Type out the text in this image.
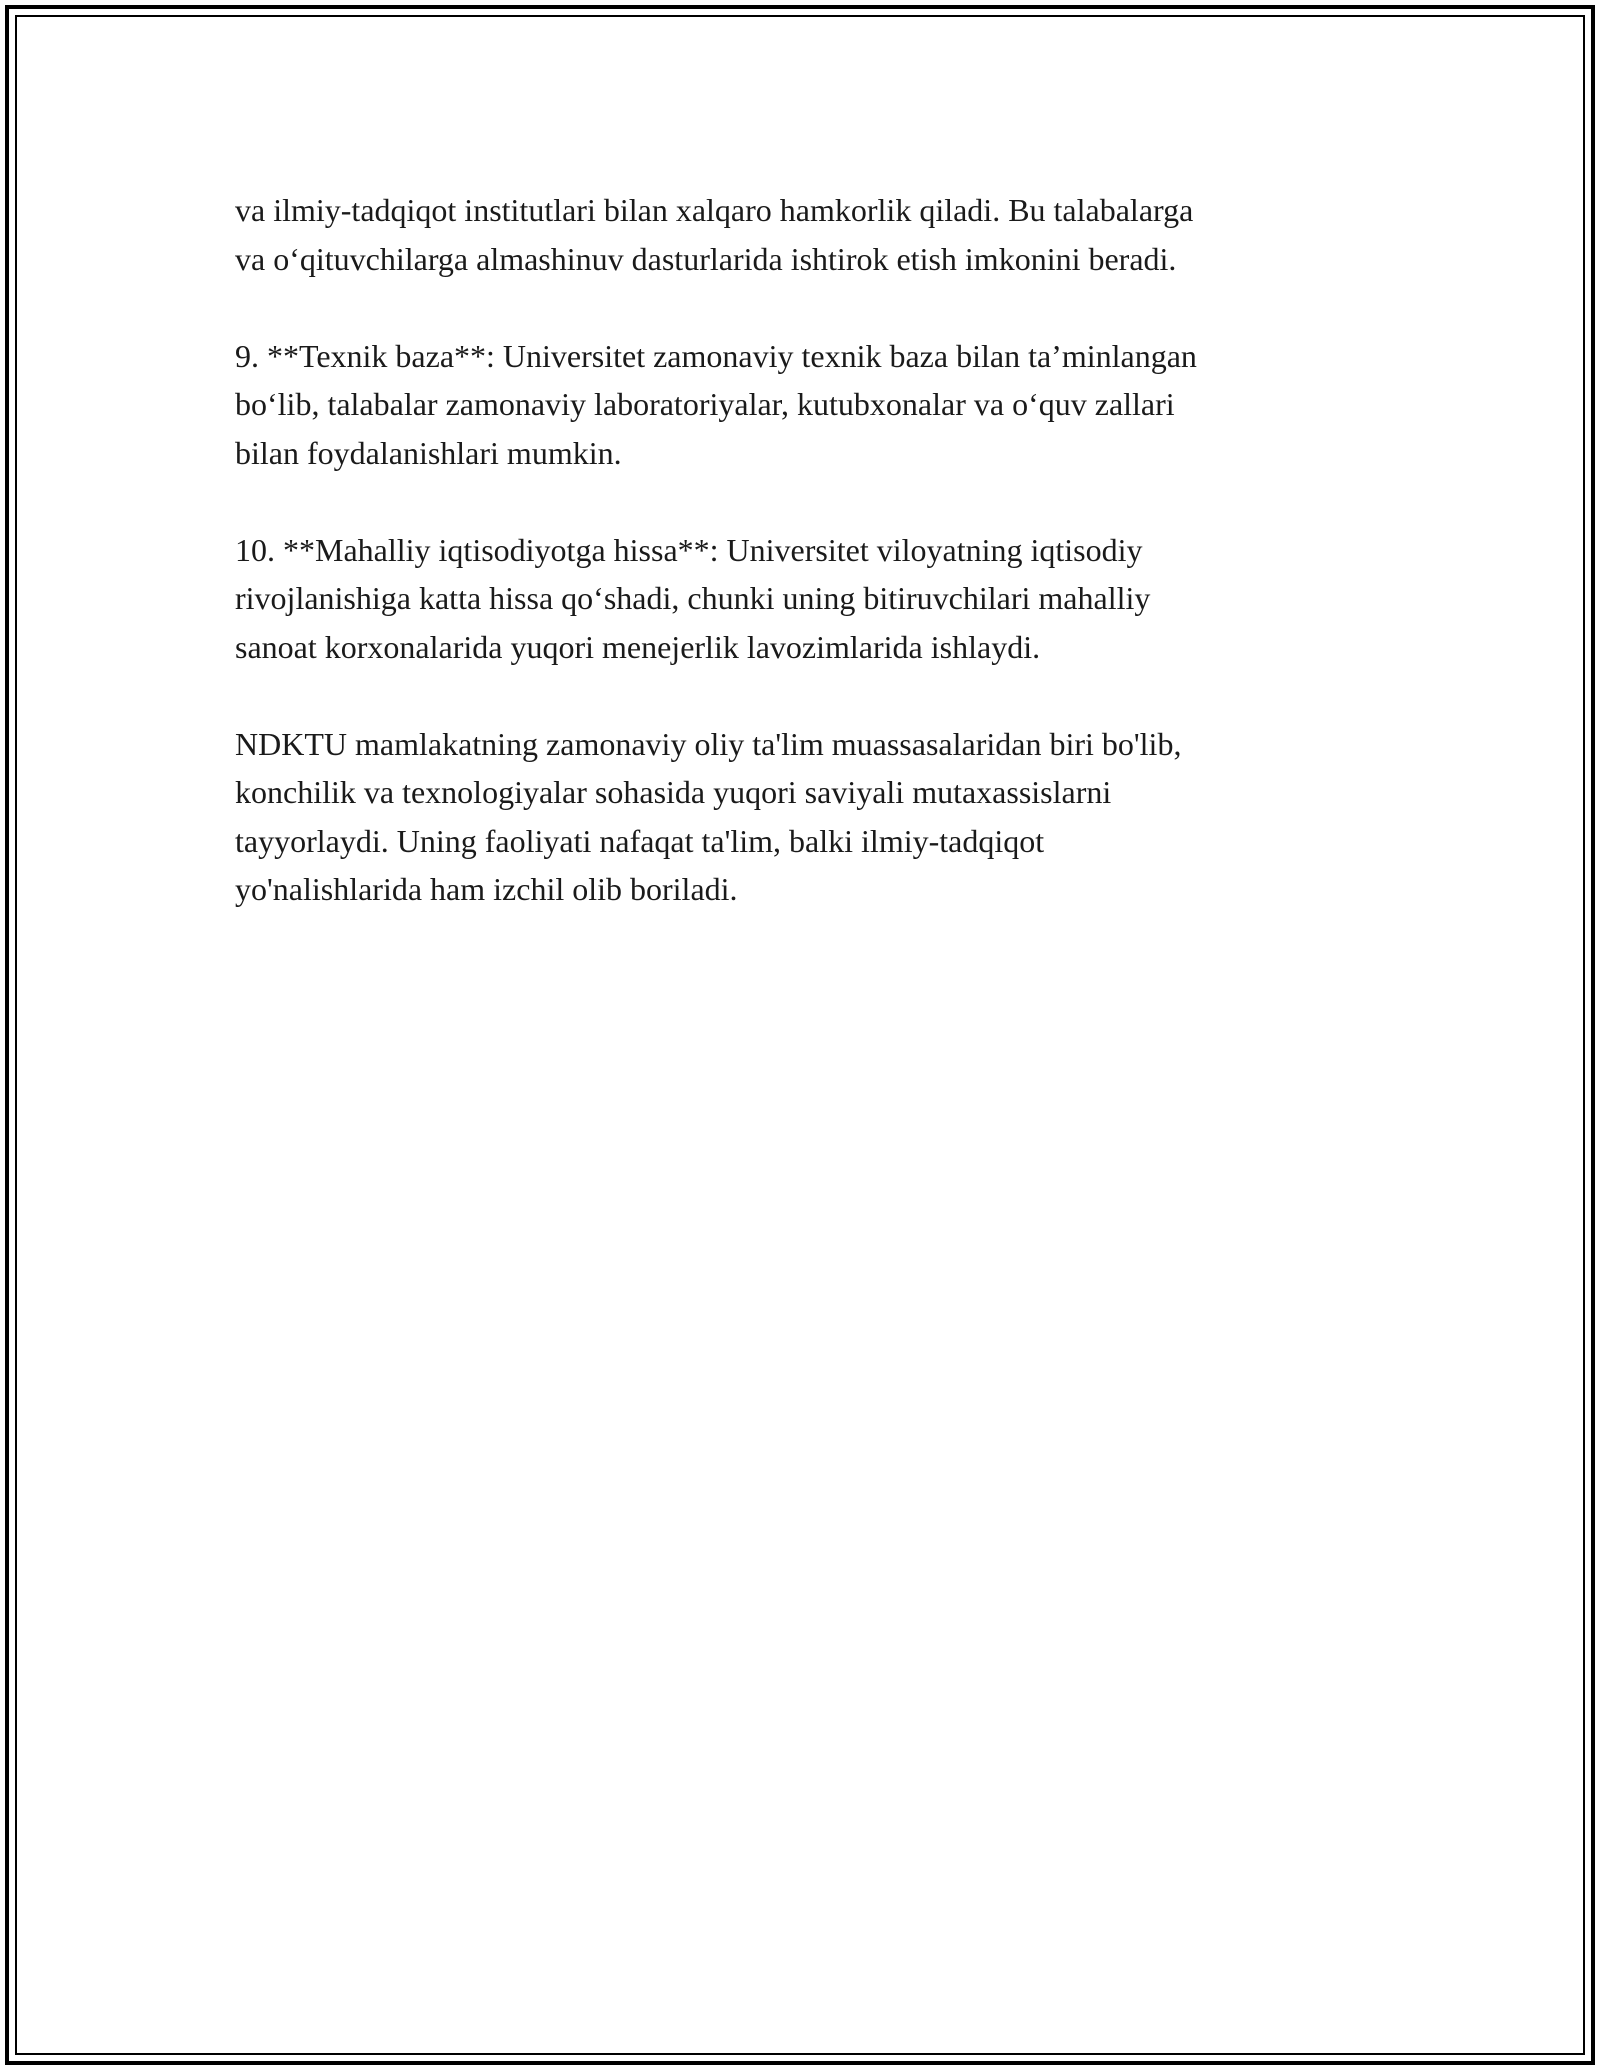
va ilmiy-tadqiqot institutlari bilan xalqaro hamkorlik qiladi. Bu talabalarga
va o‘qituvchilarga almashinuv dasturlarida ishtirok etish imkonini beradi.

9. **Texnik baza**: Universitet zamonaviy texnik baza bilan ta’minlangan
bo‘lib, talabalar zamonaviy laboratoriyalar, kutubxonalar va o‘quv zallari
bilan foydalanishlari mumkin.

10. **Mahalliy iqtisodiyotga hissa**: Universitet viloyatning iqtisodiy
rivojlanishiga katta hissa qo‘shadi, chunki uning bitiruvchilari mahalliy
sanoat korxonalarida yuqori menejerlik lavozimlarida ishlaydi.

NDKTU mamlakatning zamonaviy oliy ta'lim muassasalaridan biri bo'lib,
konchilik va texnologiyalar sohasida yuqori saviyali mutaxassislarni
tayyorlaydi. Uning faoliyati nafaqat ta'lim, balki ilmiy-tadqiqot
yo'nalishlarida ham izchil olib boriladi.
